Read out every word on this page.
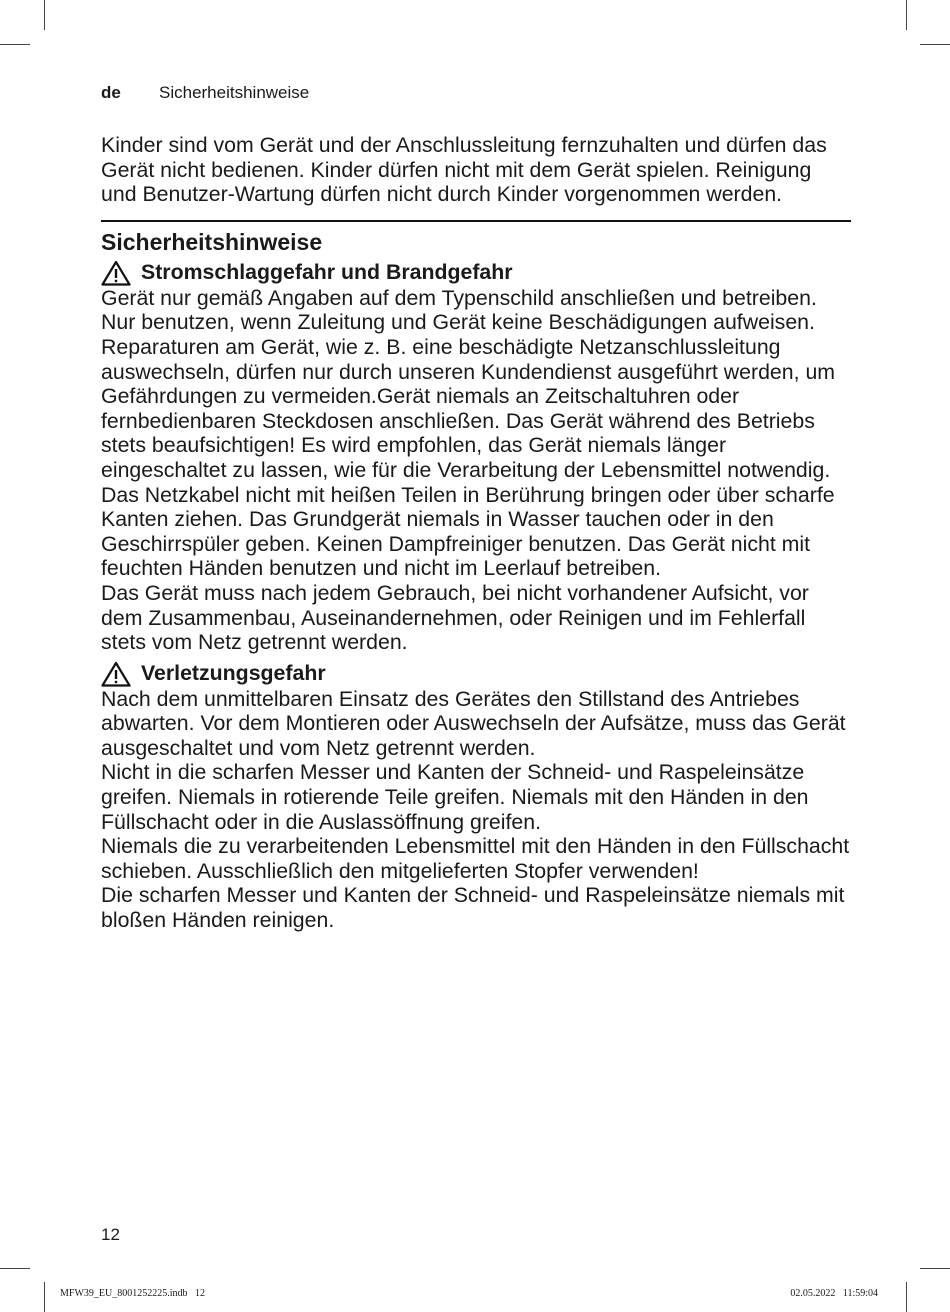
de Sicherheitshinweise

Kinder sind vom Gerät und der Anschlussleitung fernzuhalten und dürfen das Gerät nicht bedienen. Kinder dürfen nicht mit dem Gerät spielen. Reinigung und Benutzer-Wartung dürfen nicht durch Kinder vorgenommen werden.

Sicherheitshinweise
Stromschlaggefahr und Brandgefahr

Gerät nur gemäß Angaben auf dem Typenschild anschließen und betreiben. Nur benutzen, wenn Zuleitung und Gerät keine Beschädigungen aufweisen. Reparaturen am Gerät, wie z. B. eine beschädigte Netzanschlussleitung auswechseln, dürfen nur durch unseren Kundendienst ausgeführt werden, um Gefährdungen zu vermeiden.Gerät niemals an Zeitschaltuhren oder fernbedienbaren Steckdosen anschließen. Das Gerät während des Betriebs stets beaufsichtigen! Es wird empfohlen, das Gerät niemals länger eingeschaltet zu lassen, wie für die Verarbeitung der Lebensmittel notwendig.

Das Netzkabel nicht mit heißen Teilen in Berührung bringen oder über scharfe Kanten ziehen. Das Grundgerät niemals in Wasser tauchen oder in den Geschirrspüler geben. Keinen Dampfreiniger benutzen. Das Gerät nicht mit feuchten Händen benutzen und nicht im Leerlauf betreiben.

Das Gerät muss nach jedem Gebrauch, bei nicht vorhandener Aufsicht, vor dem Zusammenbau, Auseinandernehmen, oder Reinigen und im Fehlerfall stets vom Netz getrennt werden.

Verletzungsgefahr

Nach dem unmittelbaren Einsatz des Gerätes den Stillstand des Antriebes abwarten. Vor dem Montieren oder Auswechseln der Aufsätze, muss das Gerät ausgeschaltet und vom Netz getrennt werden.

Nicht in die scharfen Messer und Kanten der Schneid- und Raspeleinsätze greifen. Niemals in rotierende Teile greifen. Niemals mit den Händen in den Füllschacht oder in die Auslassöffnung greifen.

Niemals die zu verarbeitenden Lebensmittel mit den Händen in den Füllschacht schieben. Ausschließlich den mitgelieferten Stopfer verwenden!

Die scharfen Messer und Kanten der Schneid- und Raspeleinsätze niemals mit bloßen Händen reinigen.

12
MFW39_EU_8001252225.indb   12	02.05.2022   11:59:04
